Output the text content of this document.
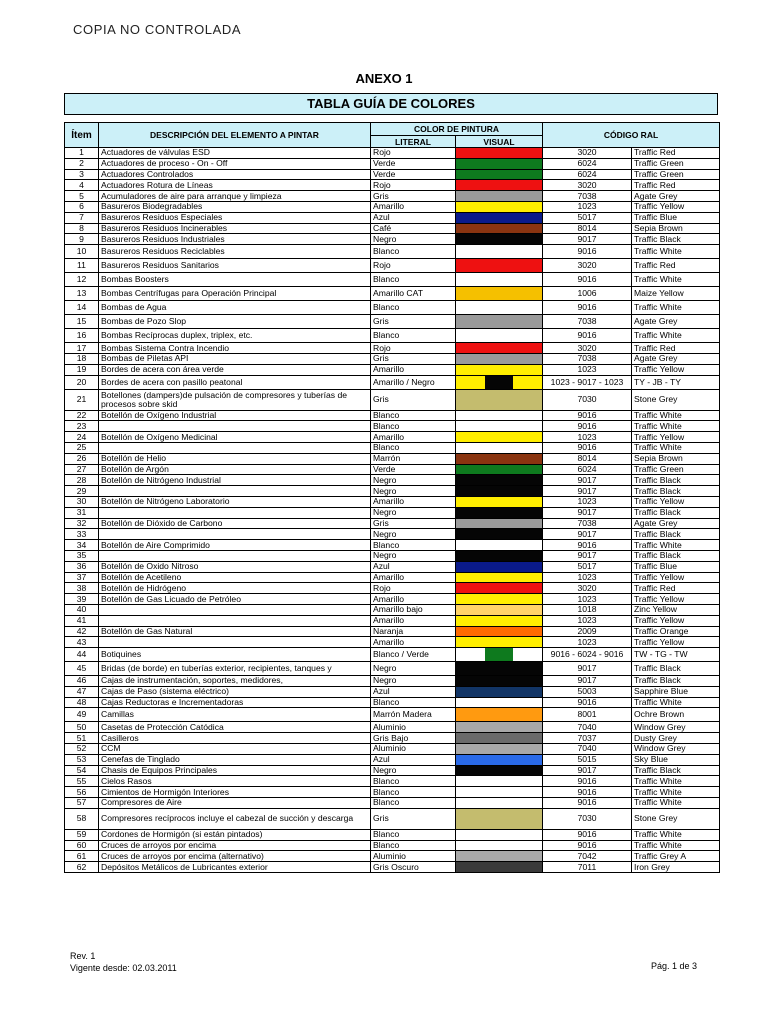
COPIA NO CONTROLADA
ANEXO 1
TABLA GUÍA DE COLORES
Ítem	DESCRIPCIÓN DEL ELEMENTO A PINTAR	COLOR DE PINTURA		CÓDIGO RAL	
		LITERAL	VISUAL		
1	Actuadores de válvulas ESD	Rojo		3020	Traffic Red
2	Actuadores de proceso - On - Off	Verde		6024	Traffic Green
3	Actuadores Controlados	Verde		6024	Traffic Green
4	Actuadores Rotura de Líneas	Rojo		3020	Traffic Red
5	Acumuladores de aire para arranque y limpieza	Gris		7038	Agate Grey
6	Basureros Biodegradables	Amarillo		1023	Traffic Yellow
7	Basureros Residuos Especiales	Azul		5017	Traffic Blue
8	Basureros Residuos Incinerables	Café		8014	Sepia Brown
9	Basureros Residuos Industriales	Negro		9017	Traffic Black
10	Basureros Residuos Reciclables	Blanco		9016	Traffic White
11	Basureros Residuos Sanitarios	Rojo		3020	Traffic Red
12	Bombas Boosters	Blanco		9016	Traffic White
13	Bombas Centrífugas para Operación Principal	Amarillo CAT		1006	Maize Yellow
14	Bombas de Agua	Blanco		9016	Traffic White
15	Bombas de Pozo Slop	Gris		7038	Agate Grey
16	Bombas Recíprocas duplex, triplex, etc.	Blanco		9016	Traffic White
17	Bombas Sistema Contra Incendio	Rojo		3020	Traffic Red
18	Bombas de Piletas API	Gris		7038	Agate Grey
19	Bordes de acera con área verde	Amarillo		1023	Traffic Yellow
20	Bordes de acera con pasillo peatonal	Amarillo / Negro		1023 - 9017 - 1023	TY - JB - TY
21	Botellones (dampers)de pulsación de compresores y tuberías de procesos sobre skid	Gris		7030	Stone Grey
22	Botellón de Oxígeno Industrial	Blanco		9016	Traffic White
23		Blanco		9016	Traffic White
24	Botellón de Oxígeno Medicinal	Amarillo		1023	Traffic Yellow
25		Blanco		9016	Traffic White
26	Botellón de Helio	Marrón		8014	Sepia Brown
27	Botellón de Argón	Verde		6024	Traffic Green
28	Botellón de Nitrógeno Industrial	Negro		9017	Traffic Black
29		Negro		9017	Traffic Black
30	Botellón de Nitrógeno Laboratorio	Amarillo		1023	Traffic Yellow
31		Negro		9017	Traffic Black
32	Botellón de Dióxido de Carbono	Gris		7038	Agate Grey
33		Negro		9017	Traffic Black
34	Botellón de Aire Comprimido	Blanco		9016	Traffic White
35		Negro		9017	Traffic Black
36	Botellón de Oxido Nitroso	Azul		5017	Traffic Blue
37	Botellón de Acetileno	Amarillo		1023	Traffic Yellow
38	Botellón de Hidrógeno	Rojo		3020	Traffic Red
39	Botellón de Gas Licuado de Petróleo	Amarillo		1023	Traffic Yellow
40		Amarillo bajo		1018	Zinc Yellow
41		Amarillo		1023	Traffic Yellow
42	Botellón de Gas Natural	Naranja		2009	Traffic Orange
43		Amarillo		1023	Traffic Yellow
44	Botiquines	Blanco / Verde		9016 - 6024 - 9016	TW - TG - TW
45	Bridas (de borde) en tuberías exterior, recipientes, tanques y	Negro		9017	Traffic Black
46	Cajas de instrumentación, soportes, medidores,	Negro		9017	Traffic Black
47	Cajas de Paso (sistema eléctrico)	Azul		5003	Sapphire Blue
48	Cajas Reductoras e Incrementadoras	Blanco		9016	Traffic White
49	Camillas	Marrón Madera		8001	Ochre Brown
50	Casetas de Protección Catódica	Aluminio		7040	Window Grey
51	Casilleros	Gris Bajo		7037	Dusty Grey
52	CCM	Aluminio		7040	Window Grey
53	Cenefas de Tinglado	Azul		5015	Sky Blue
54	Chasis de Equipos Principales	Negro		9017	Traffic Black
55	Cielos Rasos	Blanco		9016	Traffic White
56	Cimientos de Hormigón Interiores	Blanco		9016	Traffic White
57	Compresores de Aire	Blanco		9016	Traffic White
58	Compresores recíprocos incluye el cabezal de succión y descarga	Gris		7030	Stone Grey
59	Cordones de Hormigón (si están pintados)	Blanco		9016	Traffic White
60	Cruces de arroyos por encima	Blanco		9016	Traffic White
61	Cruces de arroyos por encima (alternativo)	Aluminio		7042	Traffic Grey A
62	Depósitos Metálicos de Lubricantes exterior	Gris Oscuro		7011	Iron Grey
Rev. 1
Vigente desde: 02.03.2011	Pág. 1 de 3
